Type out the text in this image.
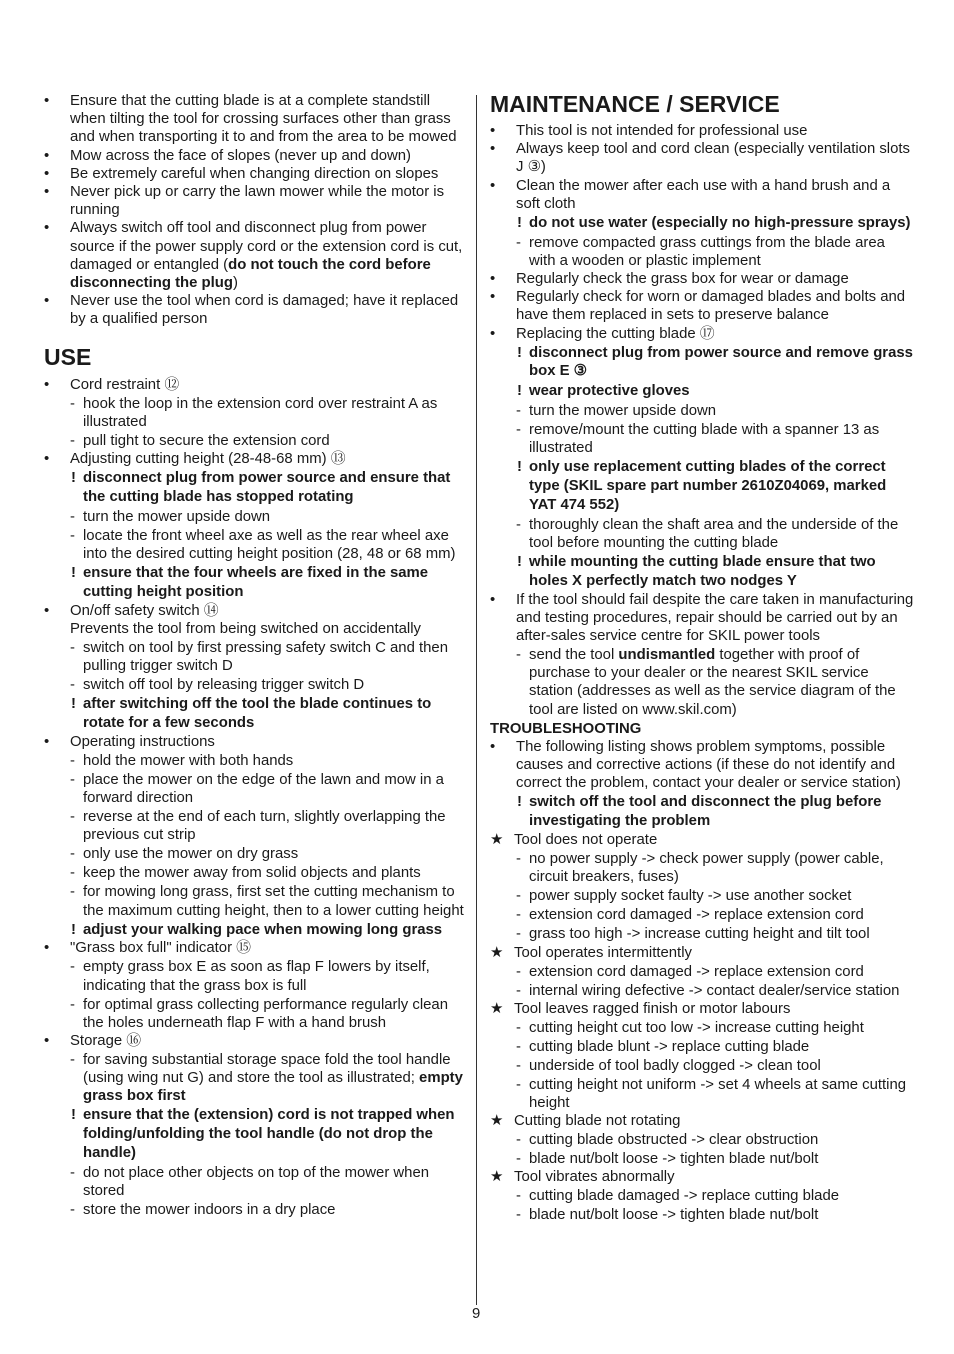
• Ensure that the cutting blade is at a complete standstill when tilting the tool for crossing surfaces other than grass and when transporting it to and from the area to be mowed
• Mow across the face of slopes (never up and down)
• Be extremely careful when changing direction on slopes
• Never pick up or carry the lawn mower while the motor is running
• Always switch off tool and disconnect plug from power source if the power supply cord or the extension cord is cut, damaged or entangled (do not touch the cord before disconnecting the plug)
• Never use the tool when cord is damaged; have it replaced by a qualified person
USE
• Cord restraint ⑫
- hook the loop in the extension cord over restraint A as illustrated
- pull tight to secure the extension cord
• Adjusting cutting height (28-48-68 mm) ⑬
! disconnect plug from power source and ensure that the cutting blade has stopped rotating
- turn the mower upside down
- locate the front wheel axe as well as the rear wheel axe into the desired cutting height position (28, 48 or 68 mm)
! ensure that the four wheels are fixed in the same cutting height position
• On/off safety switch ⑭
Prevents the tool from being switched on accidentally
- switch on tool by first pressing safety switch C and then pulling trigger switch D
- switch off tool by releasing trigger switch D
! after switching off the tool the blade continues to rotate for a few seconds
• Operating instructions
- hold the mower with both hands
- place the mower on the edge of the lawn and mow in a forward direction
- reverse at the end of each turn, slightly overlapping the previous cut strip
- only use the mower on dry grass
- keep the mower away from solid objects and plants
- for mowing long grass, first set the cutting mechanism to the maximum cutting height, then to a lower cutting height
! adjust your walking pace when mowing long grass
• "Grass box full" indicator ⑮
- empty grass box E as soon as flap F lowers by itself, indicating that the grass box is full
- for optimal grass collecting performance regularly clean the holes underneath flap F with a hand brush
• Storage ⑯
- for saving substantial storage space fold the tool handle (using wing nut G) and store the tool as illustrated; empty grass box first
! ensure that the (extension) cord is not trapped when folding/unfolding the tool handle (do not drop the handle)
- do not place other objects on top of the mower when stored
- store the mower indoors in a dry place
MAINTENANCE / SERVICE
• This tool is not intended for professional use
• Always keep tool and cord clean (especially ventilation slots J ③)
• Clean the mower after each use with a hand brush and a soft cloth
! do not use water (especially no high-pressure sprays)
- remove compacted grass cuttings from the blade area with a wooden or plastic implement
• Regularly check the grass box for wear or damage
• Regularly check for worn or damaged blades and bolts and have them replaced in sets to preserve balance
• Replacing the cutting blade ⑰
! disconnect plug from power source and remove grass box E ③
! wear protective gloves
- turn the mower upside down
- remove/mount the cutting blade with a spanner 13 as illustrated
! only use replacement cutting blades of the correct type (SKIL spare part number 2610Z04069, marked YAT 474 552)
- thoroughly clean the shaft area and the underside of the tool before mounting the cutting blade
! while mounting the cutting blade ensure that two holes X perfectly match two nodges Y
• If the tool should fail despite the care taken in manufacturing and testing procedures, repair should be carried out by an after-sales service centre for SKIL power tools
- send the tool undismantled together with proof of purchase to your dealer or the nearest SKIL service station (addresses as well as the service diagram of the tool are listed on www.skil.com)
TROUBLESHOOTING
• The following listing shows problem symptoms, possible causes and corrective actions (if these do not identify and correct the problem, contact your dealer or service station)
! switch off the tool and disconnect the plug before investigating the problem
★ Tool does not operate
- no power supply -> check power supply (power cable, circuit breakers, fuses)
- power supply socket faulty -> use another socket
- extension cord damaged -> replace extension cord
- grass too high -> increase cutting height and tilt tool
★ Tool operates intermittently
- extension cord damaged -> replace extension cord
- internal wiring defective -> contact dealer/service station
★ Tool leaves ragged finish or motor labours
- cutting height cut too low -> increase cutting height
- cutting blade blunt -> replace cutting blade
- underside of tool badly clogged -> clean tool
- cutting height not uniform -> set 4 wheels at same cutting height
★ Cutting blade not rotating
- cutting blade obstructed -> clear obstruction
- blade nut/bolt loose -> tighten blade nut/bolt
★ Tool vibrates abnormally
- cutting blade damaged -> replace cutting blade
- blade nut/bolt loose -> tighten blade nut/bolt
9
